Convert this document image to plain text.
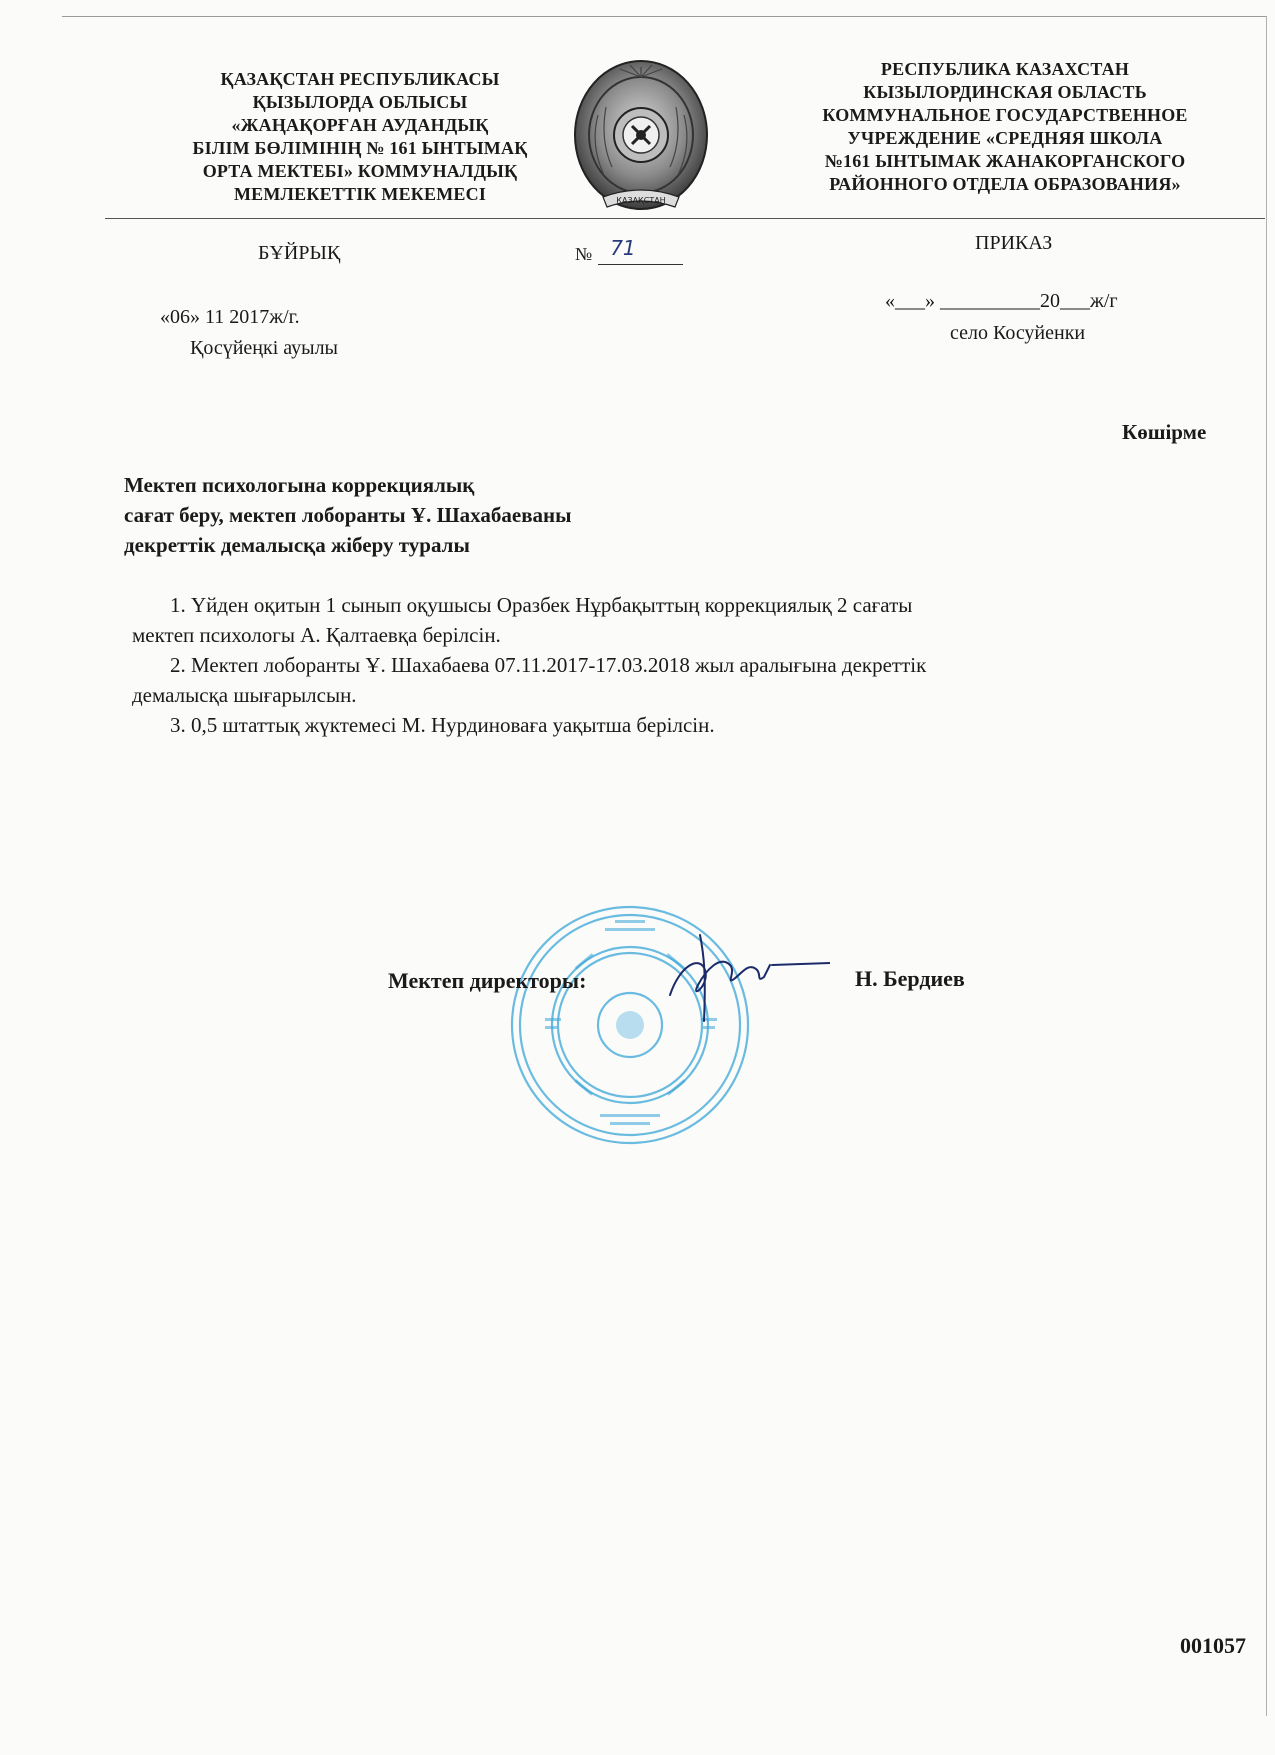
ҚАЗАҚСТАН РЕСПУБЛИКАСЫ
ҚЫЗЫЛОРДА ОБЛЫСЫ
«ЖАҢАҚОРҒАН АУДАНДЫҚ
БІЛІМ БӨЛІМІНІҢ № 161 ЫНТЫМАҚ
ОРТА МЕКТЕБІ» КОММУНАЛДЫҚ
МЕМЛЕКЕТТІК МЕКЕМЕСІ	ҚАЗАҚСТАН
РЕСПУБЛИКА КАЗАХСТАН
КЫЗЫЛОРДИНСКАЯ ОБЛАСТЬ
КОММУНАЛЬНОЕ ГОСУДАРСТВЕННОЕ
УЧРЕЖДЕНИЕ «СРЕДНЯЯ ШКОЛА
№161 ЫНТЫМАК ЖАНАКОРГАНСКОГО
РАЙОННОГО ОТДЕЛА ОБРАЗОВАНИЯ»
БҰЙРЫҚ	№ 71	ПРИКАЗ
«06» 11 2017ж/г.
Қосүйеңкі ауылы
«___» __________20___ж/г
село Косуйенки
Көшірме
Мектеп психологына коррекциялық
сағат беру, мектеп лоборанты Ұ. Шахабаеваны
декреттік демалысқа жіберу туралы
1. Үйден оқитын 1 сынып оқушысы Оразбек Нұрбақыттың коррекциялық 2 сағаты
мектеп психологы А. Қалтаевқа берілсін.
2. Мектеп лоборанты Ұ. Шахабаева 07.11.2017-17.03.2018 жыл аралығына декреттік
демалысқа шығарылсын.
3. 0,5 штаттық жүктемесі М. Нурдиноваға уақытша берілсін.
Мектеп директоры:	Н. Бердиев
001057
